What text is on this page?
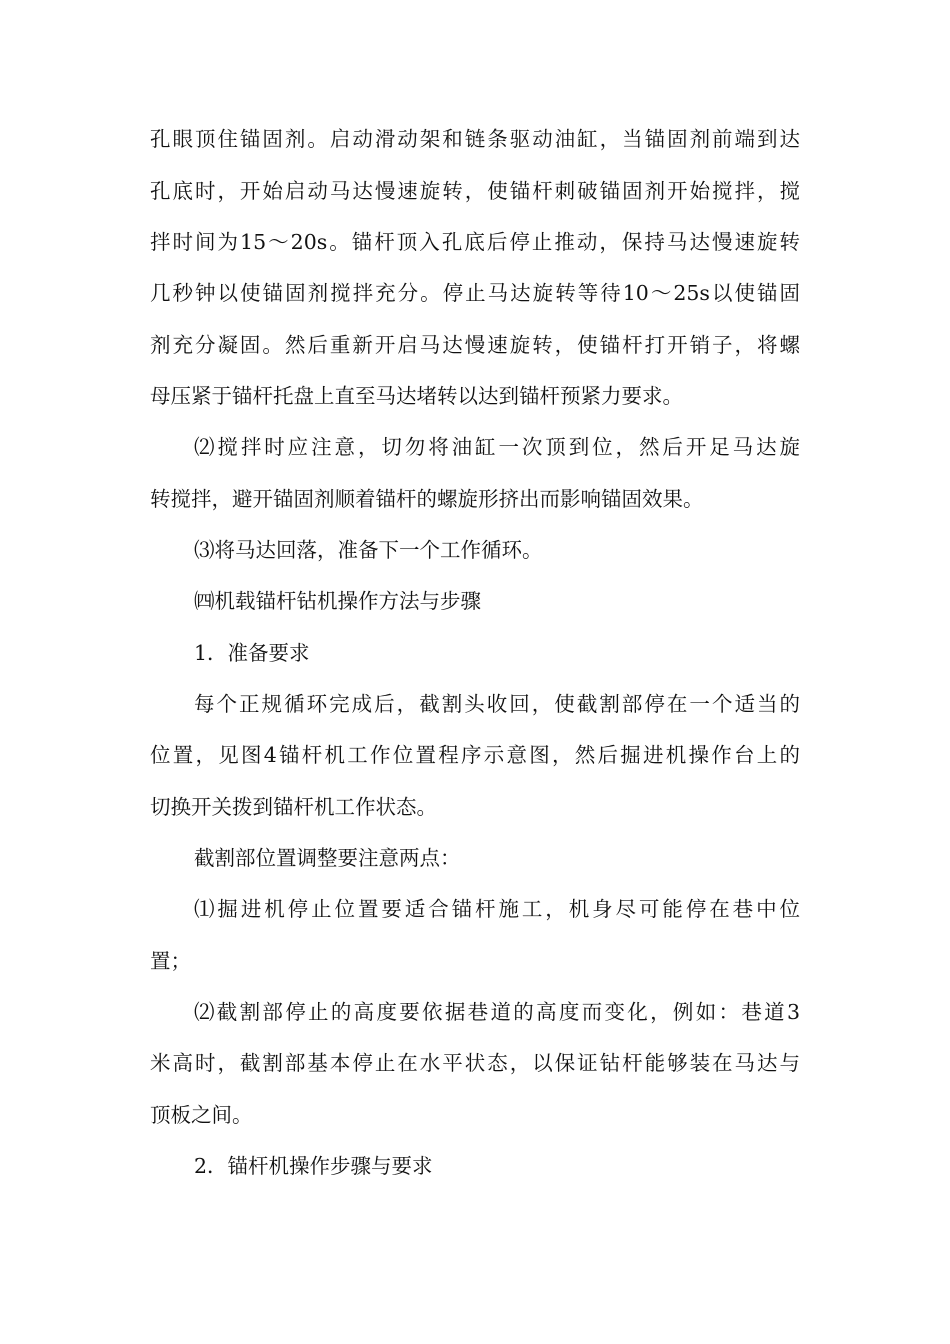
孔眼顶住锚固剂。启动滑动架和链条驱动油缸，当锚固剂前端到达
孔底时，开始启动马达慢速旋转，使锚杆刺破锚固剂开始搅拌，搅
拌时间为15～20s。锚杆顶入孔底后停止推动，保持马达慢速旋转
几秒钟以使锚固剂搅拌充分。停止马达旋转等待10～25s以使锚固
剂充分凝固。然后重新开启马达慢速旋转，使锚杆打开销子，将螺
母压紧于锚杆托盘上直至马达堵转以达到锚杆预紧力要求。
⑵搅拌时应注意，切勿将油缸一次顶到位，然后开足马达旋
转搅拌，避开锚固剂顺着锚杆的螺旋形挤出而影响锚固效果。
⑶将马达回落，准备下一个工作循环。
㈣机载锚杆钻机操作方法与步骤
1．准备要求
每个正规循环完成后，截割头收回，使截割部停在一个适当的
位置，见图4锚杆机工作位置程序示意图，然后掘进机操作台上的
切换开关拨到锚杆机工作状态。
截割部位置调整要注意两点：
⑴掘进机停止位置要适合锚杆施工，机身尽可能停在巷中位
置；
⑵截割部停止的高度要依据巷道的高度而变化，例如：巷道3
米高时，截割部基本停止在水平状态，以保证钻杆能够装在马达与
顶板之间。
2．锚杆机操作步骤与要求
